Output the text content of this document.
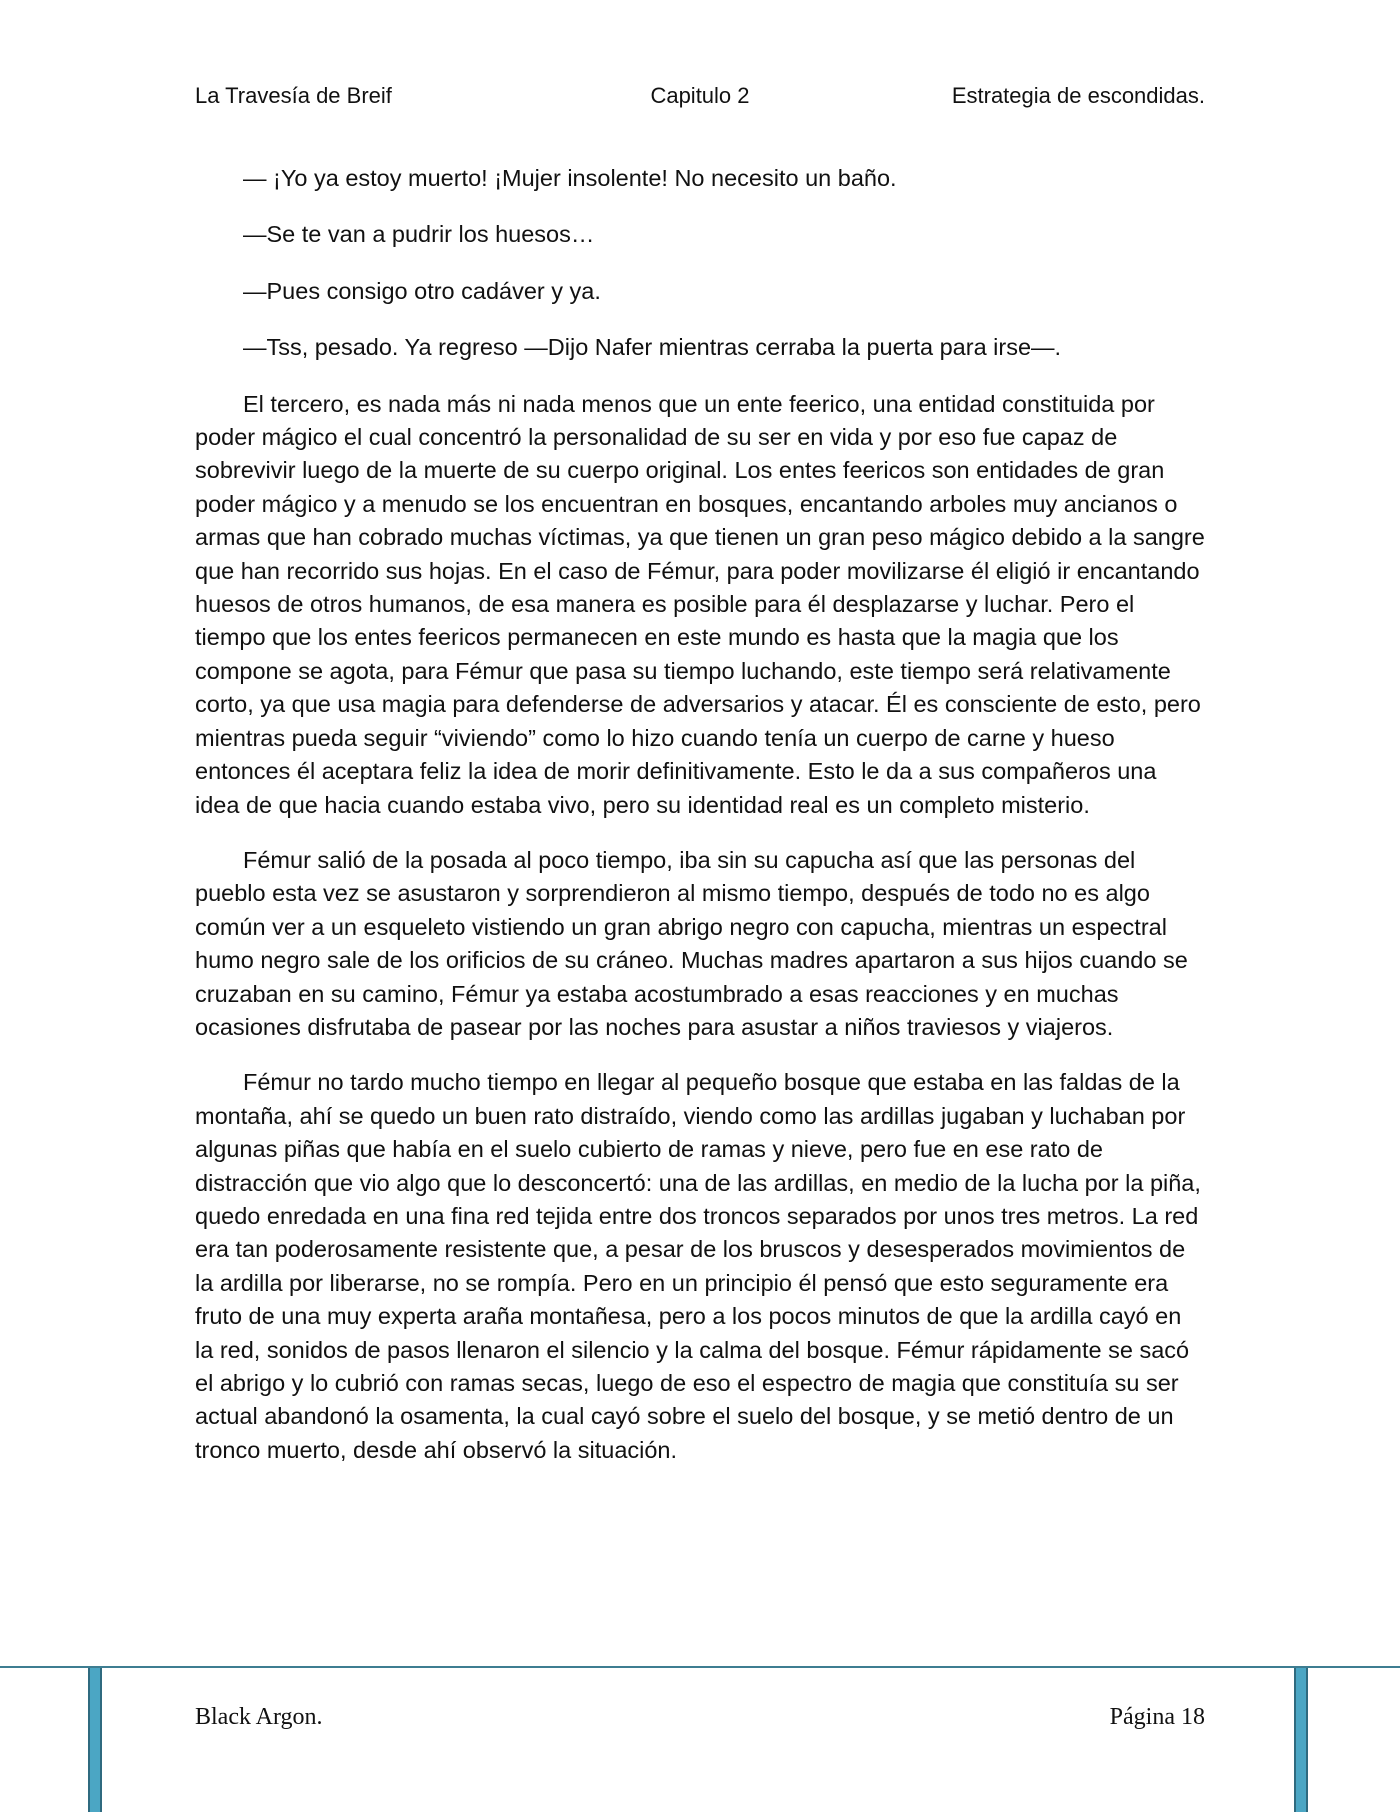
La Travesía de Breif	Capitulo 2	Estrategia de escondidas.

— ¡Yo ya estoy muerto! ¡Mujer insolente! No necesito un baño.

—Se te van a pudrir los huesos…

—Pues consigo otro cadáver y ya.

—Tss, pesado. Ya regreso —Dijo Nafer mientras cerraba la puerta para irse—.

El tercero, es nada más ni nada menos que un ente feerico, una entidad constituida por poder mágico el cual concentró la personalidad de su ser en vida y por eso fue capaz de sobrevivir luego de la muerte de su cuerpo original. Los entes feericos son entidades de gran poder mágico y a menudo se los encuentran en bosques, encantando arboles muy ancianos o armas que han cobrado muchas víctimas, ya que tienen un gran peso mágico debido a la sangre que han recorrido sus hojas. En el caso de Fémur, para poder movilizarse él eligió ir encantando huesos de otros humanos, de esa manera es posible para él desplazarse y luchar. Pero el tiempo que los entes feericos permanecen en este mundo es hasta que la magia que los compone se agota, para Fémur que pasa su tiempo luchando, este tiempo será relativamente corto, ya que usa magia para defenderse de adversarios y atacar. Él es consciente de esto, pero mientras pueda seguir “viviendo” como lo hizo cuando tenía un cuerpo de carne y hueso entonces él aceptara feliz la idea de morir definitivamente. Esto le da a sus compañeros una idea de que hacia cuando estaba vivo, pero su identidad real es un completo misterio.

Fémur salió de la posada al poco tiempo, iba sin su capucha así que las personas del pueblo esta vez se asustaron y sorprendieron al mismo tiempo, después de todo no es algo común ver a un esqueleto vistiendo un gran abrigo negro con capucha, mientras un espectral humo negro sale de los orificios de su cráneo. Muchas madres apartaron a sus hijos cuando se cruzaban en su camino, Fémur ya estaba acostumbrado a esas reacciones y en muchas ocasiones disfrutaba de pasear por las noches para asustar a niños traviesos y viajeros.

Fémur no tardo mucho tiempo en llegar al pequeño bosque que estaba en las faldas de la montaña, ahí se quedo un buen rato distraído, viendo como las ardillas jugaban y luchaban por algunas piñas que había en el suelo cubierto de ramas y nieve, pero fue en ese rato de distracción que vio algo que lo desconcertó: una de las ardillas, en medio de la lucha por la piña, quedo enredada en una fina red tejida entre dos troncos separados por unos tres metros. La red era tan poderosamente resistente que, a pesar de los bruscos y desesperados movimientos de la ardilla por liberarse, no se rompía. Pero en un principio él pensó que esto seguramente era fruto de una muy experta araña montañesa, pero a los pocos minutos de que la ardilla cayó en la red, sonidos de pasos llenaron el silencio y la calma del bosque. Fémur rápidamente se sacó el abrigo y lo cubrió con ramas secas, luego de eso el espectro de magia que constituía su ser actual abandonó la osamenta, la cual cayó sobre el suelo del bosque, y se metió dentro de un tronco muerto, desde ahí observó la situación.

Black Argon.	Página 18
